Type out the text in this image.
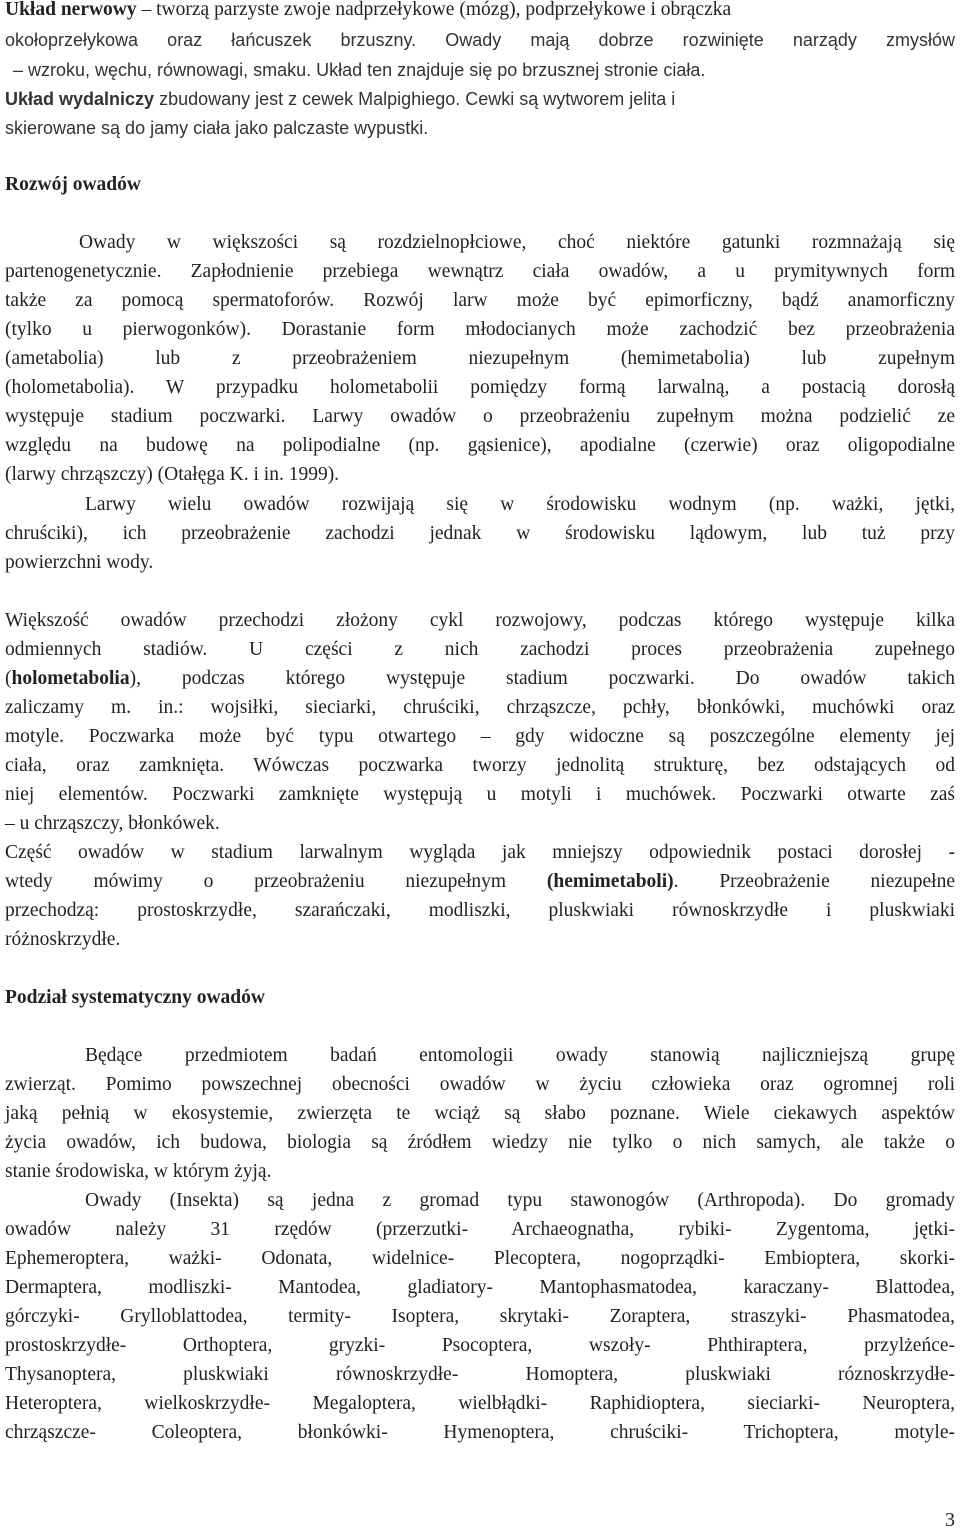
Układ nerwowy – tworzą parzyste zwoje nadprzełykowe (mózg), podprzełykowe i obrączka
okołoprzełykowa oraz łańcuszek brzuszny. Owady mają dobrze rozwinięte narządy zmysłów
– wzroku, węchu, równowagi, smaku. Układ ten znajduje się po brzusznej stronie ciała.
Układ wydalniczy zbudowany jest z cewek Malpighiego. Cewki są wytworem jelita i
skierowane są do jamy ciała jako palczaste wypustki.
Rozwój owadów
Owady w większości są rozdzielnopłciowe, choć niektóre gatunki rozmnażają się
partenogenetycznie. Zapłodnienie przebiega wewnątrz ciała owadów, a u prymitywnych form
także za pomocą spermatoforów. Rozwój larw może być epimorficzny, bądź anamorficzny
(tylko u pierwogonków). Dorastanie form młodocianych może zachodzić bez przeobrażenia
(ametabolia) lub z przeobrażeniem niezupełnym (hemimetabolia) lub zupełnym
(holometabolia). W przypadku holometabolii pomiędzy formą larwalną, a postacią dorosłą
występuje stadium poczwarki. Larwy owadów o przeobrażeniu zupełnym można podzielić ze
względu na budowę na polipodialne (np. gąsienice), apodialne (czerwie) oraz oligopodialne
(larwy chrząszczy) (Otałęga K. i in. 1999).
Larwy wielu owadów rozwijają się w środowisku wodnym (np. ważki, jętki,
chruściki), ich przeobrażenie zachodzi jednak w środowisku lądowym, lub tuż przy
powierzchni wody.
Większość owadów przechodzi złożony cykl rozwojowy, podczas którego występuje kilka
odmiennych stadiów. U części z nich zachodzi proces przeobrażenia zupełnego
(holometabolia), podczas którego występuje stadium poczwarki. Do owadów takich
zaliczamy m. in.: wojsiłki, sieciarki, chruściki, chrząszcze, pchły, błonkówki, muchówki oraz
motyle. Poczwarka może być typu otwartego – gdy widoczne są poszczególne elementy jej
ciała, oraz zamknięta. Wówczas poczwarka tworzy jednolitą strukturę, bez odstających od
niej elementów. Poczwarki zamknięte występują u motyli i muchówek. Poczwarki otwarte zaś
– u chrząszczy, błonkówek.
Część owadów w stadium larwalnym wygląda jak mniejszy odpowiednik postaci dorosłej -
wtedy mówimy o przeobrażeniu niezupełnym (hemimetaboli). Przeobrażenie niezupełne
przechodzą: prostoskrzydłe, szarańczaki, modliszki, pluskwiaki równoskrzydłe i pluskwiaki
różnoskrzydłe.
Podział systematyczny owadów
Będące przedmiotem badań entomologii owady stanowią najliczniejszą grupę
zwierząt. Pomimo powszechnej obecności owadów w życiu człowieka oraz ogromnej roli
jaką pełnią w ekosystemie, zwierzęta te wciąż są słabo poznane. Wiele ciekawych aspektów
życia owadów, ich budowa, biologia są źródłem wiedzy nie tylko o nich samych, ale także o
stanie środowiska, w którym żyją.
Owady (Insekta) są jedna z gromad typu stawonogów (Arthropoda). Do gromady
owadów należy 31 rzędów (przerzutki- Archaeognatha, rybiki- Zygentoma, jętki-
Ephemeroptera, ważki- Odonata, widelnice- Plecoptera, nogoprządki- Embioptera, skorki-
Dermaptera, modliszki- Mantodea, gladiatory- Mantophasmatodea, karaczany- Blattodea,
górczyki- Grylloblattodea, termity- Isoptera, skrytaki- Zoraptera, straszyki- Phasmatodea,
prostoskrzydłe- Orthoptera, gryzki- Psocoptera, wszoły- Phthiraptera, przylżeńce-
Thysanoptera, pluskwiaki równoskrzydłe- Homoptera, pluskwiaki róznoskrzydłe-
Heteroptera, wielkoskrzydłe- Megaloptera, wielbłądki- Raphidioptera, sieciarki- Neuroptera,
chrząszcze- Coleoptera, błonkówki- Hymenoptera, chruściki- Trichoptera, motyle-
3
